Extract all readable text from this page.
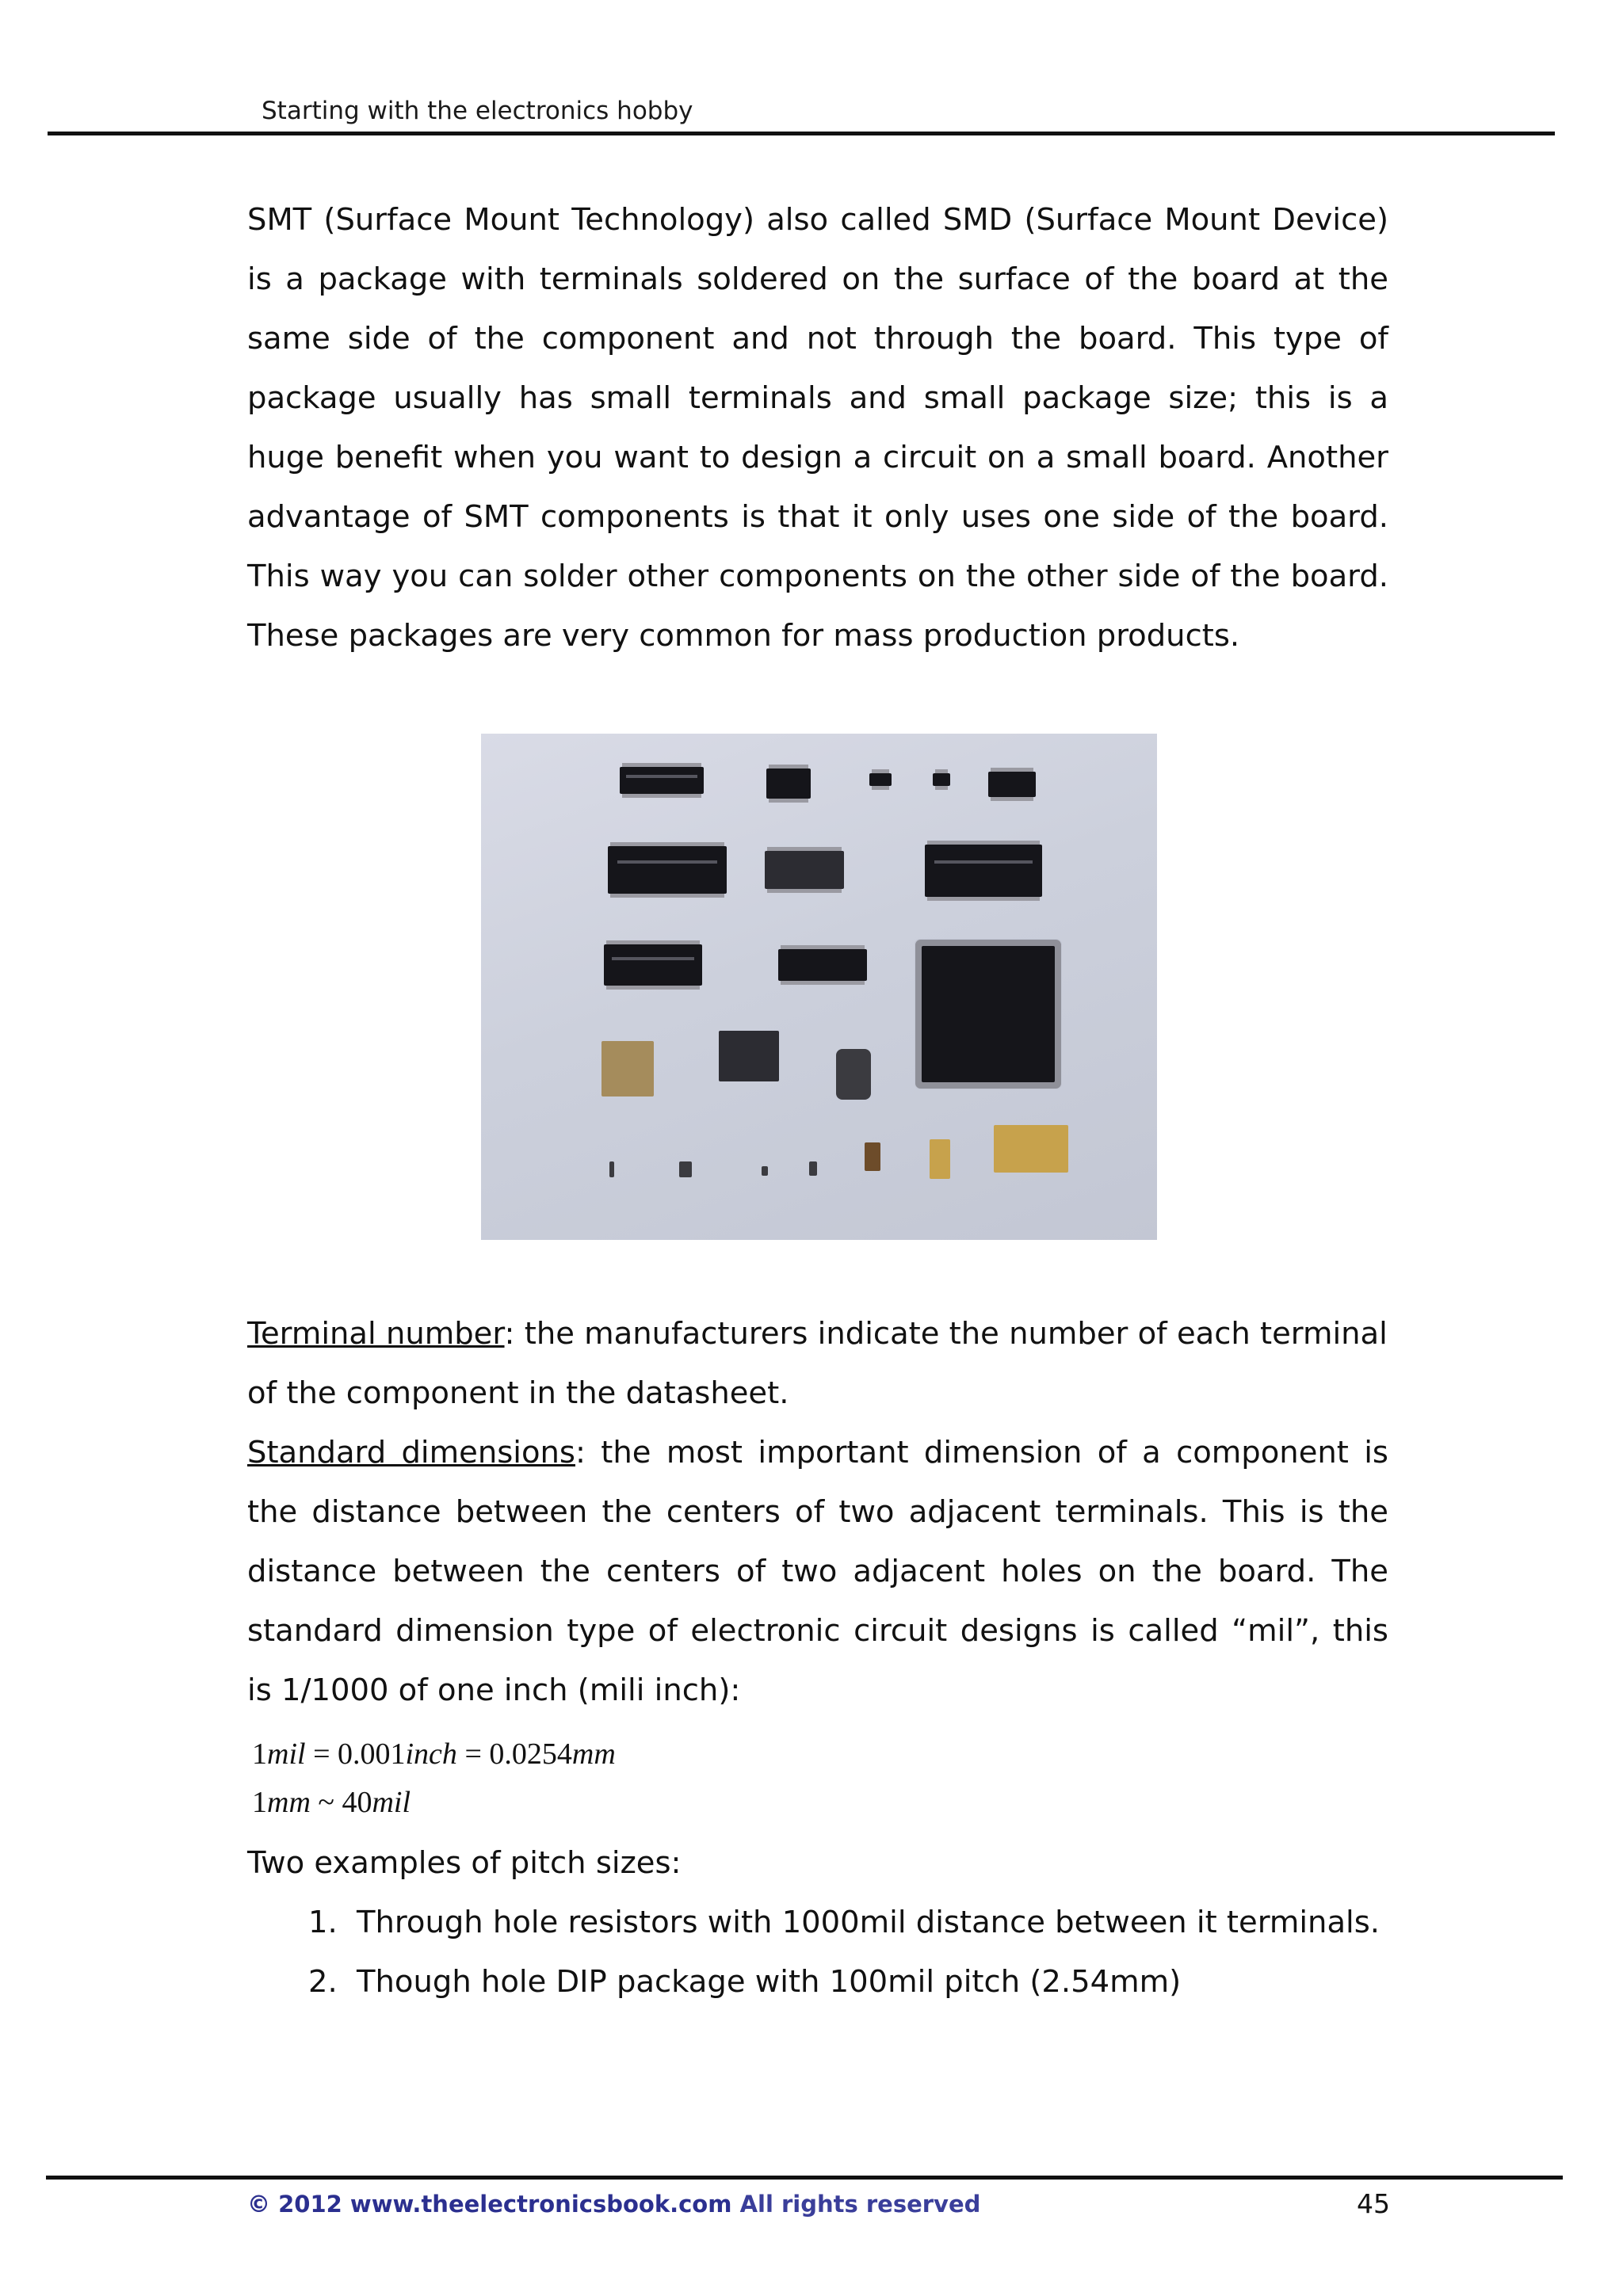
Starting with the electronics hobby
SMT (Surface Mount Technology) also called SMD (Surface Mount Device) is a package with terminals soldered on the surface of the board at the same side of the component and not through the board. This type of package usually has small terminals and small package size; this is a huge benefit when you want to design a circuit on a small board. Another advantage of SMT components is that it only uses one side of the board. This way you can solder other components on the other side of the board. These packages are very common for mass production products.
Terminal number: the manufacturers indicate the number of each terminal of the component in the datasheet.
Standard dimensions: the most important dimension of a component is the distance between the centers of two adjacent terminals. This is the distance between the centers of two adjacent holes on the board. The standard dimension type of electronic circuit designs is called “mil”, this is 1/1000 of one inch (mili inch):
1mil = 0.001inch = 0.0254mm
1mm ~ 40mil
Two examples of pitch sizes:
1. Through hole resistors with 1000mil distance between it terminals.
2. Though hole DIP package with 100mil pitch (2.54mm)
© 2012 www.theelectronicsbook.com All rights reserved	45
